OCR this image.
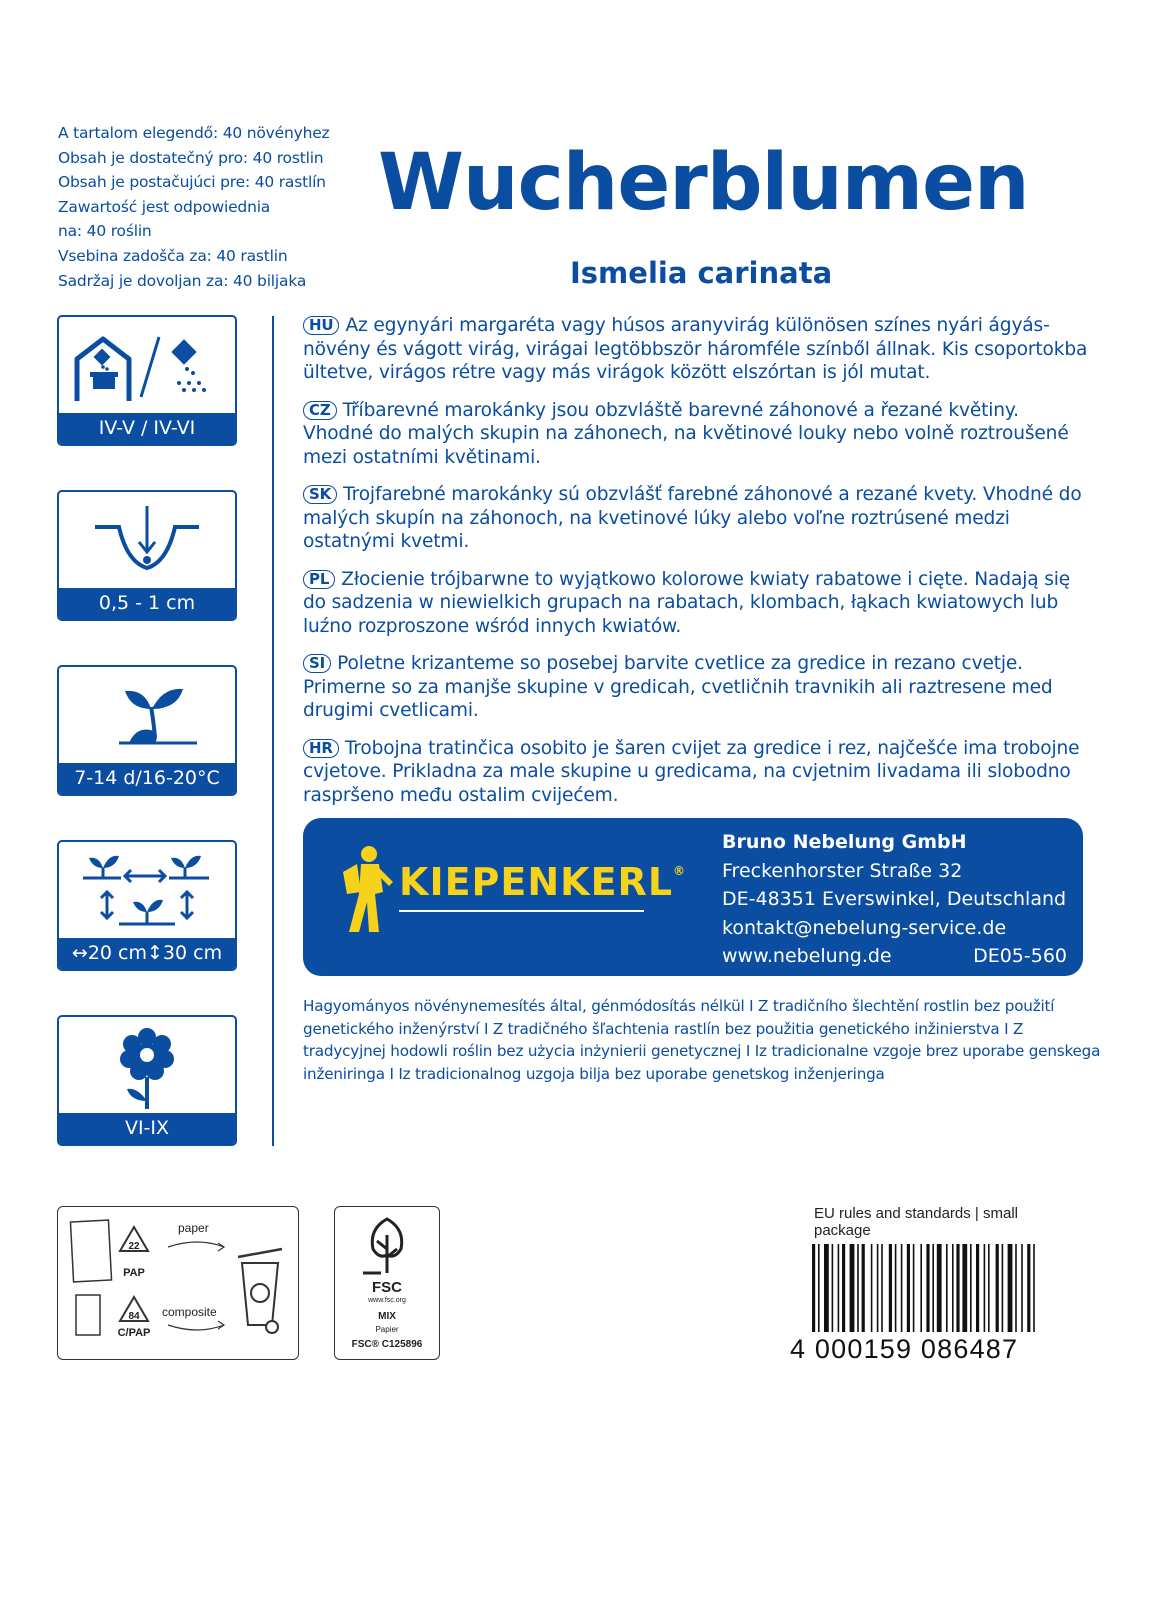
A tartalom elegendő: 40 növényhez
Obsah je dostatečný pro: 40 rostlin
Obsah je postačujúci pre: 40 rastlín
Zawartość jest odpowiednia
na: 40 roślin
Vsebina zadošča za: 40 rastlin
Sadržaj je dovoljan za: 40 biljaka
Wucherblumen
Ismelia carinata
IV-V / IV-VI
0,5 - 1 cm
7-14 d/16-20°C
↔20 cm↕30 cm
VI-IX
HU Az egynyári margaréta vagy húsos aranyvirág különösen színes nyári ágyásnövény és vágott virág, virágai legtöbbször háromféle színből állnak. Kis csoportokba ültetve, virágos rétre vagy más virágok között elszórtan is jól mutat.
CZ Tříbarevné marokánky jsou obzvláště barevné záhonové a řezané květiny. Vhodné do malých skupin na záhonech, na květinové louky nebo volně roztroušené mezi ostatními květinami.
SK Trojfarebné marokánky sú obzvlášť farebné záhonové a rezané kvety. Vhodné do malých skupín na záhonoch, na kvetinové lúky alebo voľne roztrúsené medzi ostatnými kvetmi.
PL Złocienie trójbarwne to wyjątkowo kolorowe kwiaty rabatowe i cięte. Nadają się do sadzenia w niewielkich grupach na rabatach, klombach, łąkach kwiatowych lub luźno rozproszone wśród innych kwiatów.
SI Poletne krizanteme so posebej barvite cvetlice za gredice in rezano cvetje. Primerne so za manjše skupine v gredicah, cvetličnih travnikih ali raztresene med drugimi cvetlicami.
HR Trobojna tratinčica osobito je šaren cvijet za gredice i rez, najčešće ima trobojne cvjetove. Prikladna za male skupine u gredicama, na cvjetnim livadama ili slobodno raspršeno među ostalim cvijećem.
KIEPENKERL®
Bruno Nebelung GmbH
Freckenhorster Straße 32
DE-48351 Everswinkel, Deutschland
kontakt@nebelung-service.de
www.nebelung.de	DE05-560
Hagyományos növénynemesítés által, génmódosítás nélkül I Z tradičního šlechtění rostlin bez použití genetického inženýrství I Z tradičného šľachtenia rastlín bez použitia genetického inžinierstva I Z tradycyjnej hodowli roślin bez użycia inżynierii genetycznej I Iz tradicionalne vzgoje brez uporabe genskega inženiringa I Iz tradicionalnog uzgoja bilja bez uporabe genetskog inženjeringa
22
PAP
84
C/PAP
paper
composite
FSC
www.fsc.org
MIX
Papier
FSC® C125896
EU rules and standards | small package
4 000159 086487
